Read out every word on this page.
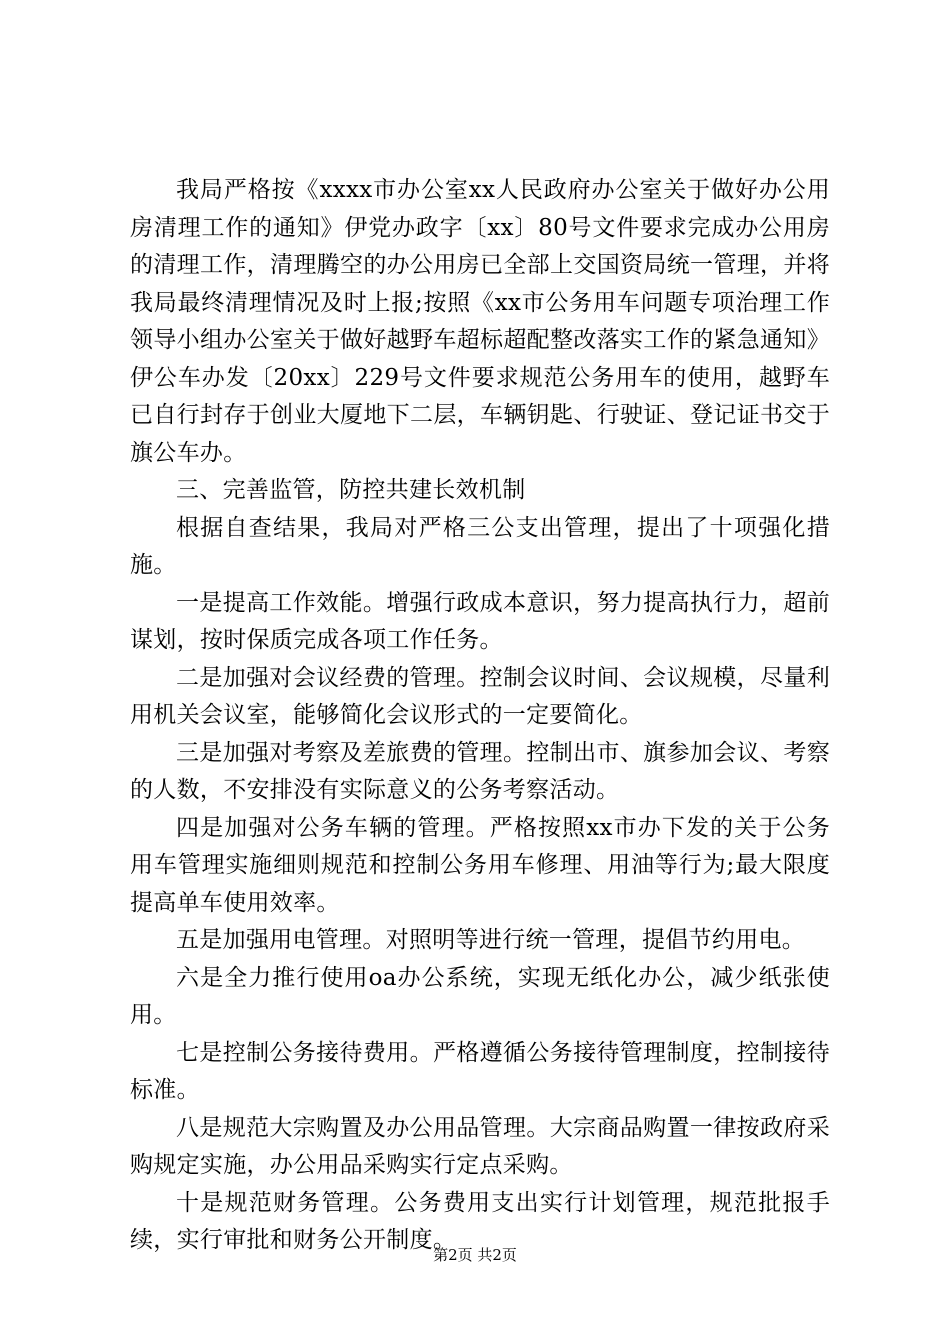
我局严格按《xxxx市办公室xx人民政府办公室关于做好办公用房清理工作的通知》伊党办政字〔xx〕80号文件要求完成办公用房的清理工作，清理腾空的办公用房已全部上交国资局统一管理，并将我局最终清理情况及时上报;按照《xx市公务用车问题专项治理工作领导小组办公室关于做好越野车超标超配整改落实工作的紧急通知》伊公车办发〔20xx〕229号文件要求规范公务用车的使用，越野车已自行封存于创业大厦地下二层，车辆钥匙、行驶证、登记证书交于旗公车办。

三、完善监管，防控共建长效机制

根据自查结果，我局对严格三公支出管理，提出了十项强化措施。

一是提高工作效能。增强行政成本意识，努力提高执行力，超前谋划，按时保质完成各项工作任务。

二是加强对会议经费的管理。控制会议时间、会议规模，尽量利用机关会议室，能够简化会议形式的一定要简化。

三是加强对考察及差旅费的管理。控制出市、旗参加会议、考察的人数，不安排没有实际意义的公务考察活动。

四是加强对公务车辆的管理。严格按照xx市办下发的关于公务用车管理实施细则规范和控制公务用车修理、用油等行为;最大限度提高单车使用效率。

五是加强用电管理。对照明等进行统一管理，提倡节约用电。

六是全力推行使用oa办公系统，实现无纸化办公，减少纸张使用。

七是控制公务接待费用。严格遵循公务接待管理制度，控制接待标准。

八是规范大宗购置及办公用品管理。大宗商品购置一律按政府采购规定实施，办公用品采购实行定点采购。

十是规范财务管理。公务费用支出实行计划管理，规范批报手续，实行审批和财务公开制度。

第2页 共2页
